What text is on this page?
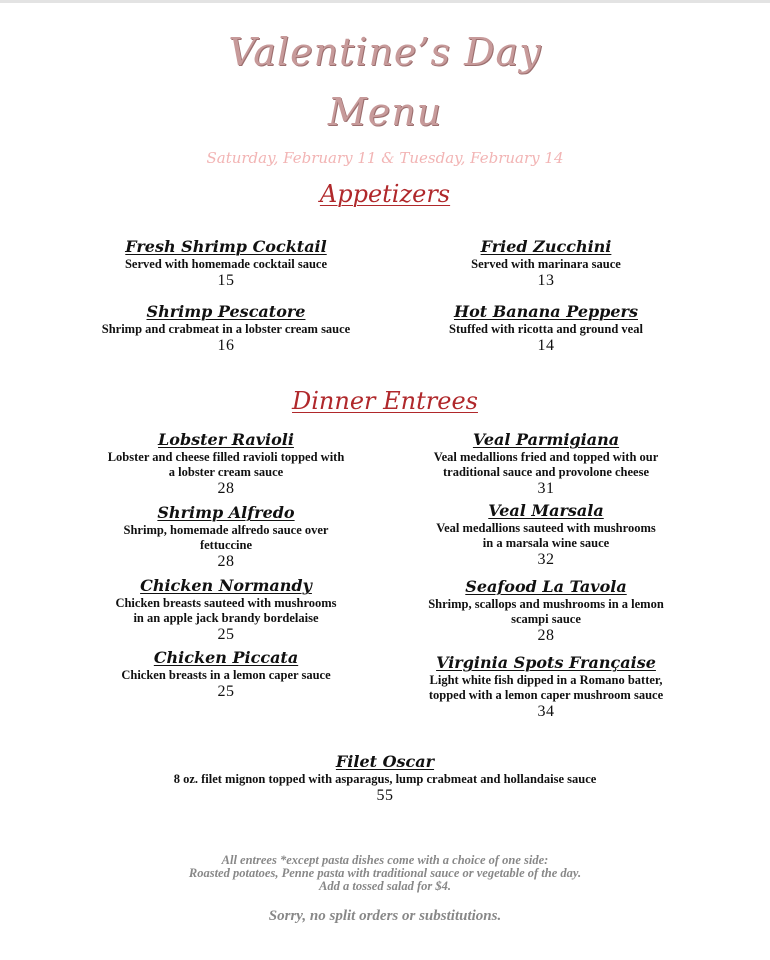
Valentine’s Day
Menu
Saturday, February 11 & Tuesday, February 14
Appetizers
Fresh Shrimp Cocktail
Served with homemade cocktail sauce
15
Fried Zucchini
Served with marinara sauce
13
Shrimp Pescatore
Shrimp and crabmeat in a lobster cream sauce
16
Hot Banana Peppers
Stuffed with ricotta and ground veal
14
Dinner Entrees
Lobster Ravioli
Lobster and cheese filled ravioli topped with
a lobster cream sauce
28
Shrimp Alfredo
Shrimp, homemade alfredo sauce over
fettuccine
28
Chicken Normandy
Chicken breasts sauteed with mushrooms
in an apple jack brandy bordelaise
25
Chicken Piccata
Chicken breasts in a lemon caper sauce
25
Veal Parmigiana
Veal medallions fried and topped with our
traditional sauce and provolone cheese
31
Veal Marsala
Veal medallions sauteed with mushrooms
in a marsala wine sauce
32
Seafood La Tavola
Shrimp, scallops and mushrooms in a lemon
scampi sauce
28
Virginia Spots Française
Light white fish dipped in a Romano batter,
topped with a lemon caper mushroom sauce
34
Filet Oscar
8 oz. filet mignon topped with asparagus, lump crabmeat and hollandaise sauce
55
All entrees *except pasta dishes come with a choice of one side:
Roasted potatoes, Penne pasta with traditional sauce or vegetable of the day.
Add a tossed salad for $4.
Sorry, no split orders or substitutions.
